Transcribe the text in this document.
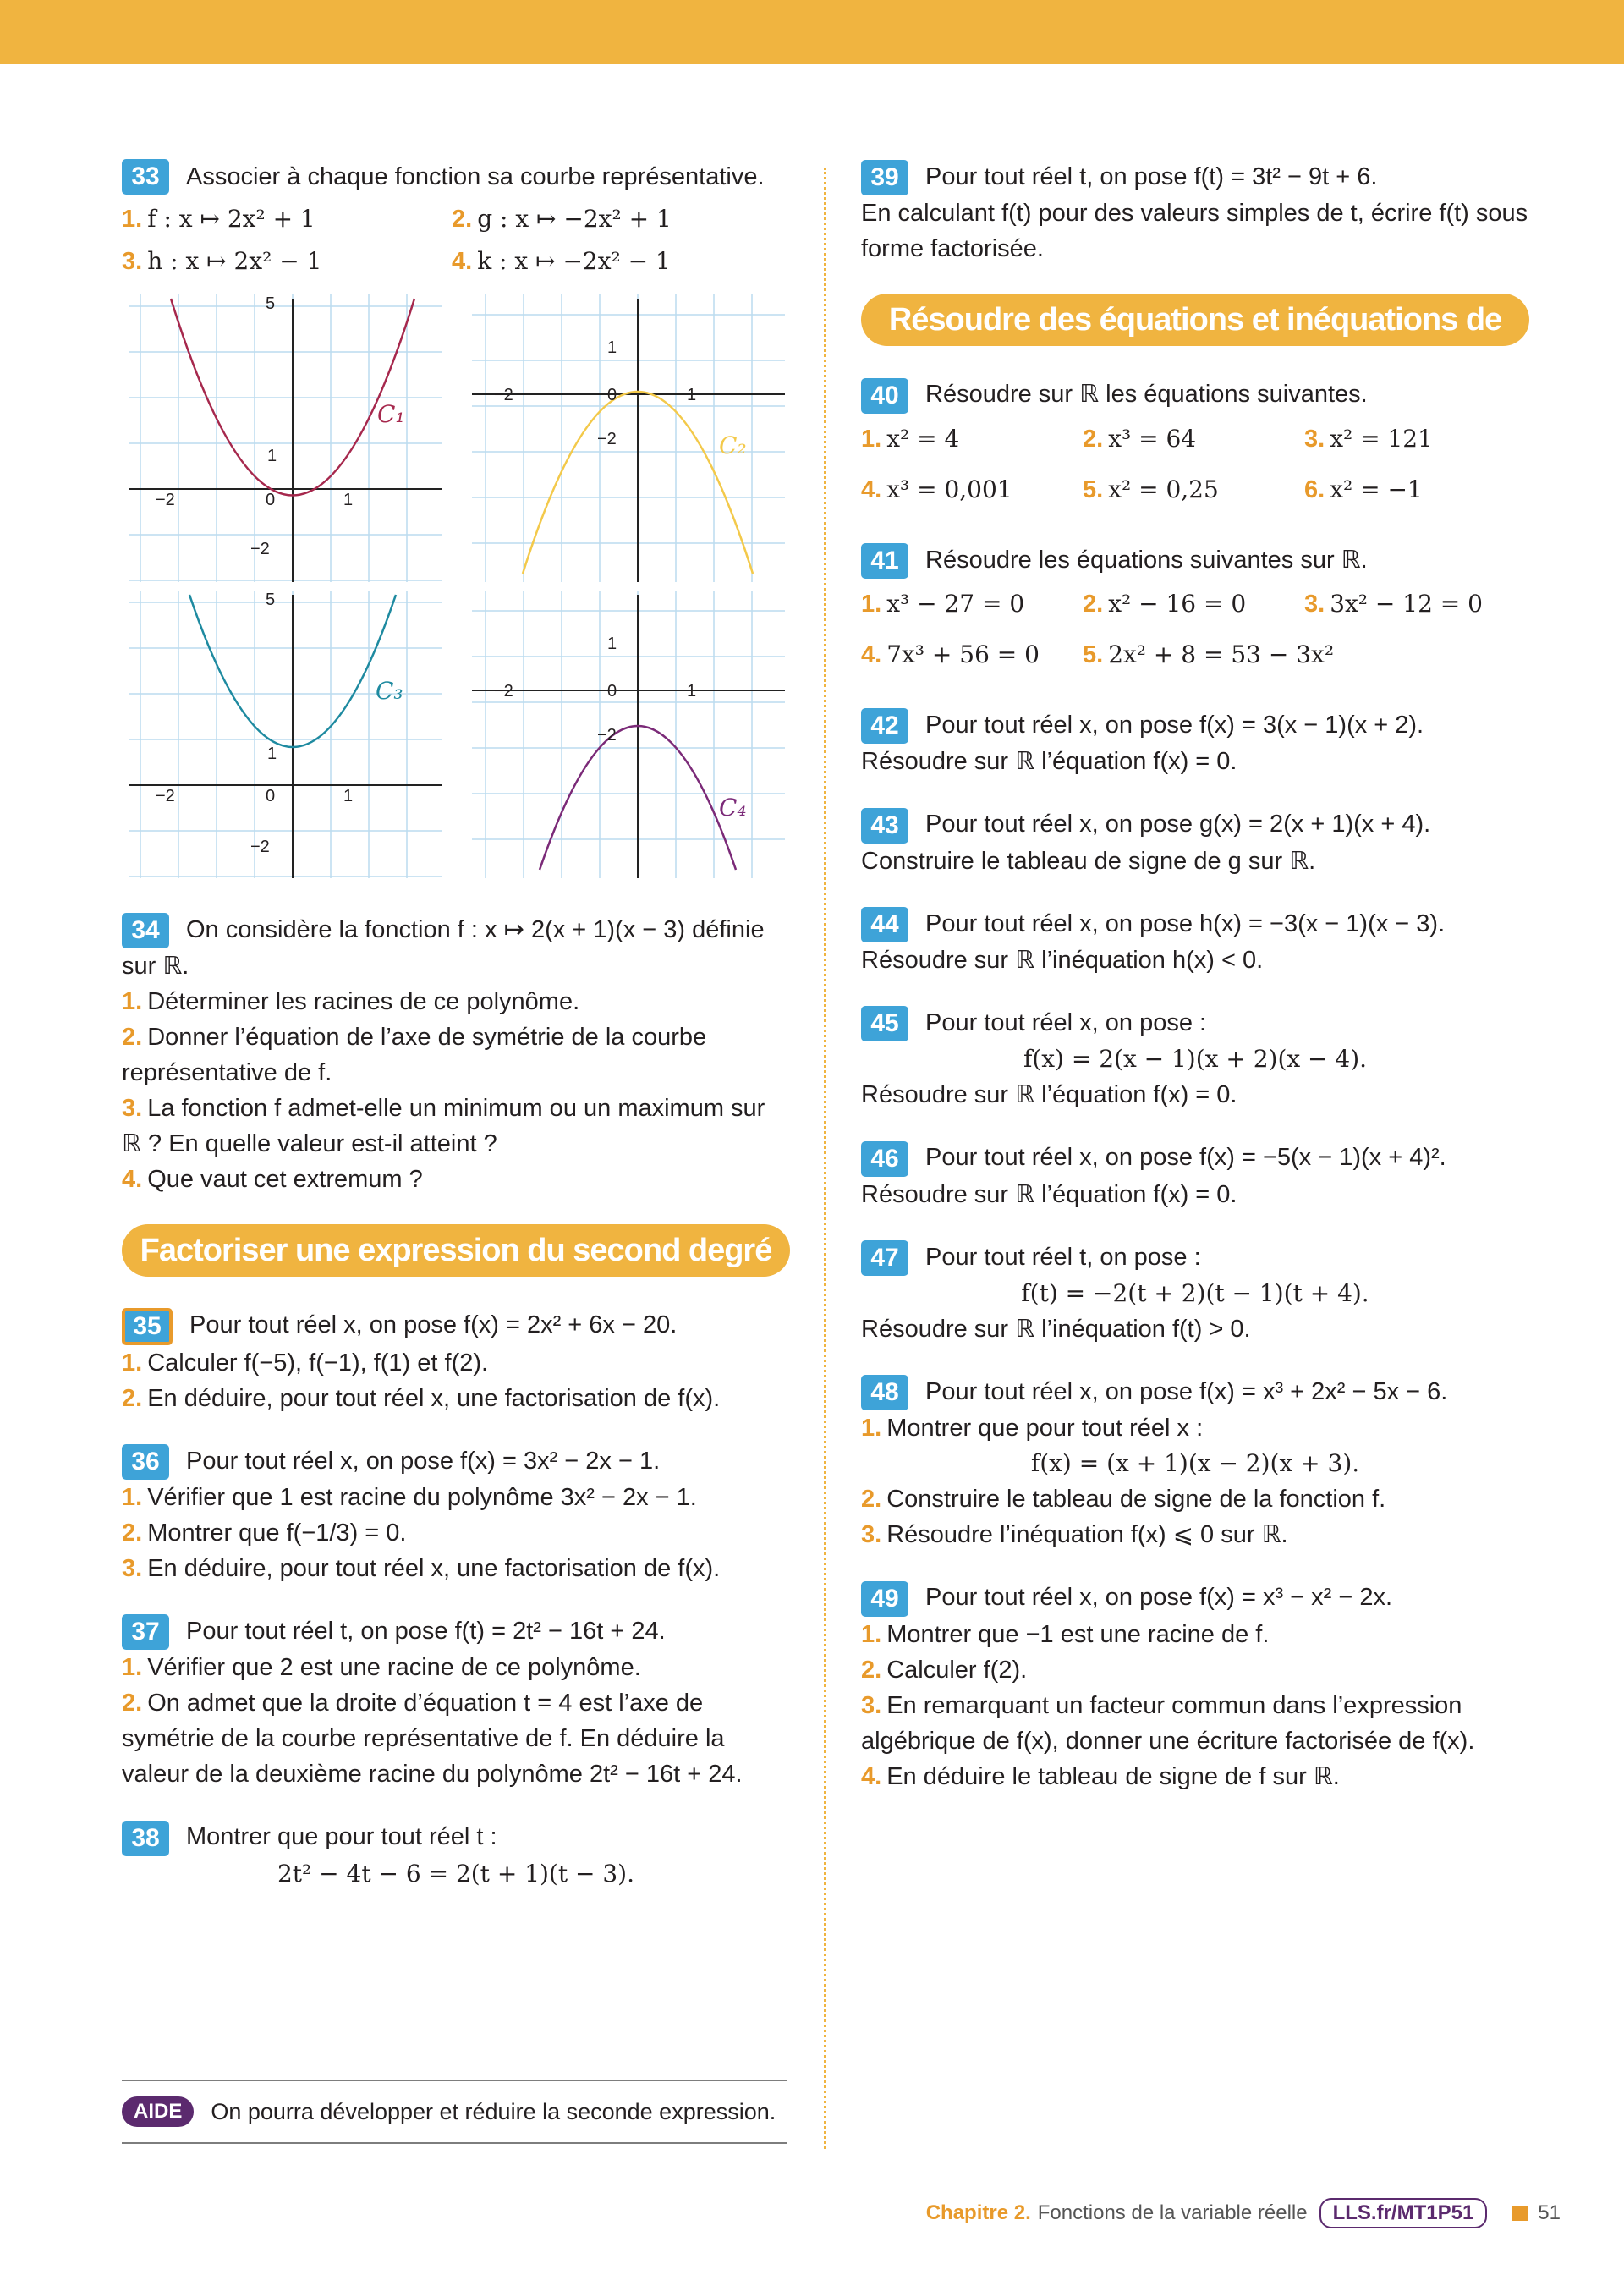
33	Associer à chaque fonction sa courbe représentative.
1. f : x ↦ 2x² + 1	2. g : x ↦ −2x² + 1
3. h : x ↦ 2x² − 1	4. k : x ↦ −2x² − 1
C₁
5
1
−2	0	1
−2
C₂
1
−2	0	1
−2
C₃
5
1
−2	0	1
−2
C₄
1
−2	0	1
−2

34 On considère la fonction f : x ↦ 2(x + 1)(x − 3) définie sur ℝ.

1. Déterminer les racines de ce polynôme.

2. Donner l’équation de l’axe de symétrie de la courbe représentative de f.

3. La fonction f admet-elle un minimum ou un maximum sur ℝ ? En quelle valeur est-il atteint ?

4. Que vaut cet extremum ?

Factoriser une expression du second degré

35 Pour tout réel x, on pose f(x) = 2x² + 6x − 20.

1. Calculer f(−5), f(−1), f(1) et f(2).

2. En déduire, pour tout réel x, une factorisation de f(x).

36 Pour tout réel x, on pose f(x) = 3x² − 2x − 1.

1. Vérifier que 1 est racine du polynôme 3x² − 2x − 1.

2. Montrer que f(−1/3) = 0.

3. En déduire, pour tout réel x, une factorisation de f(x).

37 Pour tout réel t, on pose f(t) = 2t² − 16t + 24.

1. Vérifier que 2 est une racine de ce polynôme.

2. On admet que la droite d’équation t = 4 est l’axe de symétrie de la courbe représentative de f. En déduire la valeur de la deuxième racine du polynôme 2t² − 16t + 24.

38 Montrer que pour tout réel t :

2t² − 4t − 6 = 2(t + 1)(t − 3).

AIDE	On pourra développer et réduire la seconde expression.

39 Pour tout réel t, on pose f(t) = 3t² − 9t + 6.

En calculant f(t) pour des valeurs simples de t, écrire f(t) sous forme factorisée.

Résoudre des équations et inéquations de degré 2 ou 3

40 Résoudre sur ℝ les équations suivantes.

1. x² = 4	2. x³ = 64	3. x² = 121
4. x³ = 0,001	5. x² = 0,25	6. x² = −1

41 Résoudre les équations suivantes sur ℝ.

1. x³ − 27 = 0	2. x² − 16 = 0	3. 3x² − 12 = 0
4. 7x³ + 56 = 0	5. 2x² + 8 = 53 − 3x²

42 Pour tout réel x, on pose f(x) = 3(x − 1)(x + 2).

Résoudre sur ℝ l’équation f(x) = 0.

43 Pour tout réel x, on pose g(x) = 2(x + 1)(x + 4).

Construire le tableau de signe de g sur ℝ.

44 Pour tout réel x, on pose h(x) = −3(x − 1)(x − 3).

Résoudre sur ℝ l’inéquation h(x) < 0.

45 Pour tout réel x, on pose :

f(x) = 2(x − 1)(x + 2)(x − 4).

Résoudre sur ℝ l’équation f(x) = 0.

46 Pour tout réel x, on pose f(x) = −5(x − 1)(x + 4)².

Résoudre sur ℝ l’équation f(x) = 0.

47 Pour tout réel t, on pose :

f(t) = −2(t + 2)(t − 1)(t + 4).

Résoudre sur ℝ l’inéquation f(t) > 0.

48 Pour tout réel x, on pose f(x) = x³ + 2x² − 5x − 6.

1. Montrer que pour tout réel x :

f(x) = (x + 1)(x − 2)(x + 3).

2. Construire le tableau de signe de la fonction f.

3. Résoudre l’inéquation f(x) ⩽ 0 sur ℝ.

49 Pour tout réel x, on pose f(x) = x³ − x² − 2x.

1. Montrer que −1 est une racine de f.

2. Calculer f(2).

3. En remarquant un facteur commun dans l’expression algébrique de f(x), donner une écriture factorisée de f(x).

4. En déduire le tableau de signe de f sur ℝ.

Chapitre 2. Fonctions de la variable réelle	LLS.fr/MT1P51	51
